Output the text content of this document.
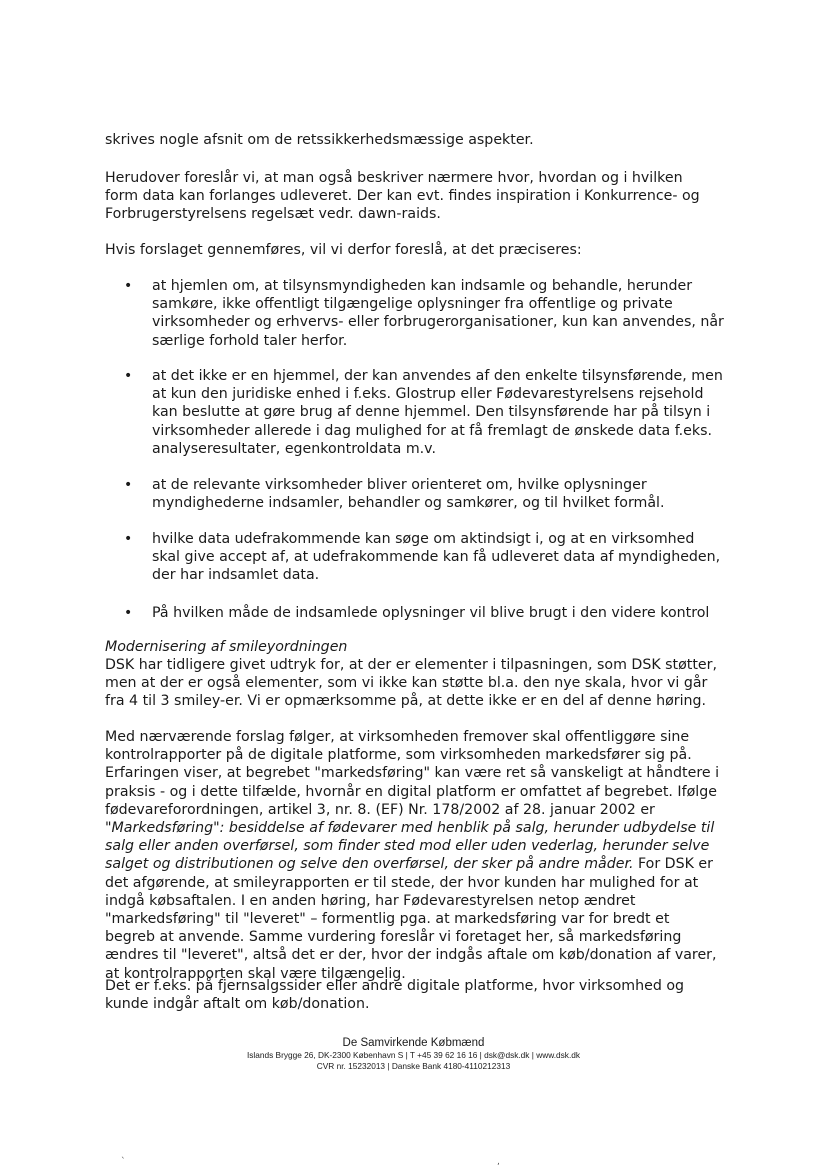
skrives nogle afsnit om de retssikkerhedsmæssige aspekter.

Herudover foreslår vi, at man også beskriver nærmere hvor, hvordan og i hvilken form data kan forlanges udleveret. Der kan evt. findes inspiration i Konkurrence- og Forbrugerstyrelsens regelsæt vedr. dawn-raids.

Hvis forslaget gennemføres, vil vi derfor foreslå, at det præciseres:

•	at hjemlen om, at tilsynsmyndigheden kan indsamle og behandle, herunder samkøre, ikke offentligt tilgængelige oplysninger fra offentlige og private virksomheder og erhvervs- eller forbrugerorganisationer, kun kan anvendes, når særlige forhold taler herfor.

•	at det ikke er en hjemmel, der kan anvendes af den enkelte tilsynsførende, men at kun den juridiske enhed i f.eks. Glostrup eller Fødevarestyrelsens rejsehold kan beslutte at gøre brug af denne hjemmel. Den tilsynsførende har på tilsyn i virksomheder allerede i dag mulighed for at få fremlagt de ønskede data f.eks. analyseresultater, egenkontroldata m.v.

•	at de relevante virksomheder bliver orienteret om, hvilke oplysninger myndighederne indsamler, behandler og samkører, og til hvilket formål.

•	hvilke data udefrakommende kan søge om aktindsigt i, og at en virksomhed skal give accept af, at udefrakommende kan få udleveret data af myndigheden, der har indsamlet data.

•	På hvilken måde de indsamlede oplysninger vil blive brugt i den videre kontrol

Modernisering af smileyordningen

DSK har tidligere givet udtryk for, at der er elementer i tilpasningen, som DSK støtter, men at der er også elementer, som vi ikke kan støtte bl.a. den nye skala, hvor vi går fra 4 til 3 smiley-er. Vi er opmærksomme på, at dette ikke er en del af denne høring.

Med nærværende forslag følger, at virksomheden fremover skal offentliggøre sine kontrolrapporter på de digitale platforme, som virksomheden markedsfører sig på. Erfaringen viser, at begrebet "markedsføring" kan være ret så vanskeligt at håndtere i praksis - og i dette tilfælde, hvornår en digital platform er omfattet af begrebet. Ifølge fødevareforordningen, artikel 3, nr. 8. (EF) Nr. 178/2002 af 28. januar 2002 er "Markedsføring": besiddelse af fødevarer med henblik på salg, herunder udbydelse til salg eller anden overførsel, som finder sted mod eller uden vederlag, herunder selve salget og distributionen og selve den overførsel, der sker på andre måder. For DSK er det afgørende, at smileyrapporten er til stede, der hvor kunden har mulighed for at indgå købsaftalen. I en anden høring, har Fødevarestyrelsen netop ændret "markedsføring" til "leveret" – formentlig pga. at markedsføring var for bredt et begreb at anvende. Samme vurdering foreslår vi foretaget her, så markedsføring ændres til "leveret", altså det er der, hvor der indgås aftale om køb/donation af varer, at kontrolrapporten skal være tilgængelig.

Det er f.eks. på fjernsalgssider eller andre digitale platforme, hvor virksomhed og kunde indgår aftalt om køb/donation.

De Samvirkende Købmænd
Islands Brygge 26, DK-2300 København S | T +45 39 62 16 16 | dsk@dsk.dk | www.dsk.dk
CVR nr. 15232013 | Danske Bank 4180-4110212313
`	,
